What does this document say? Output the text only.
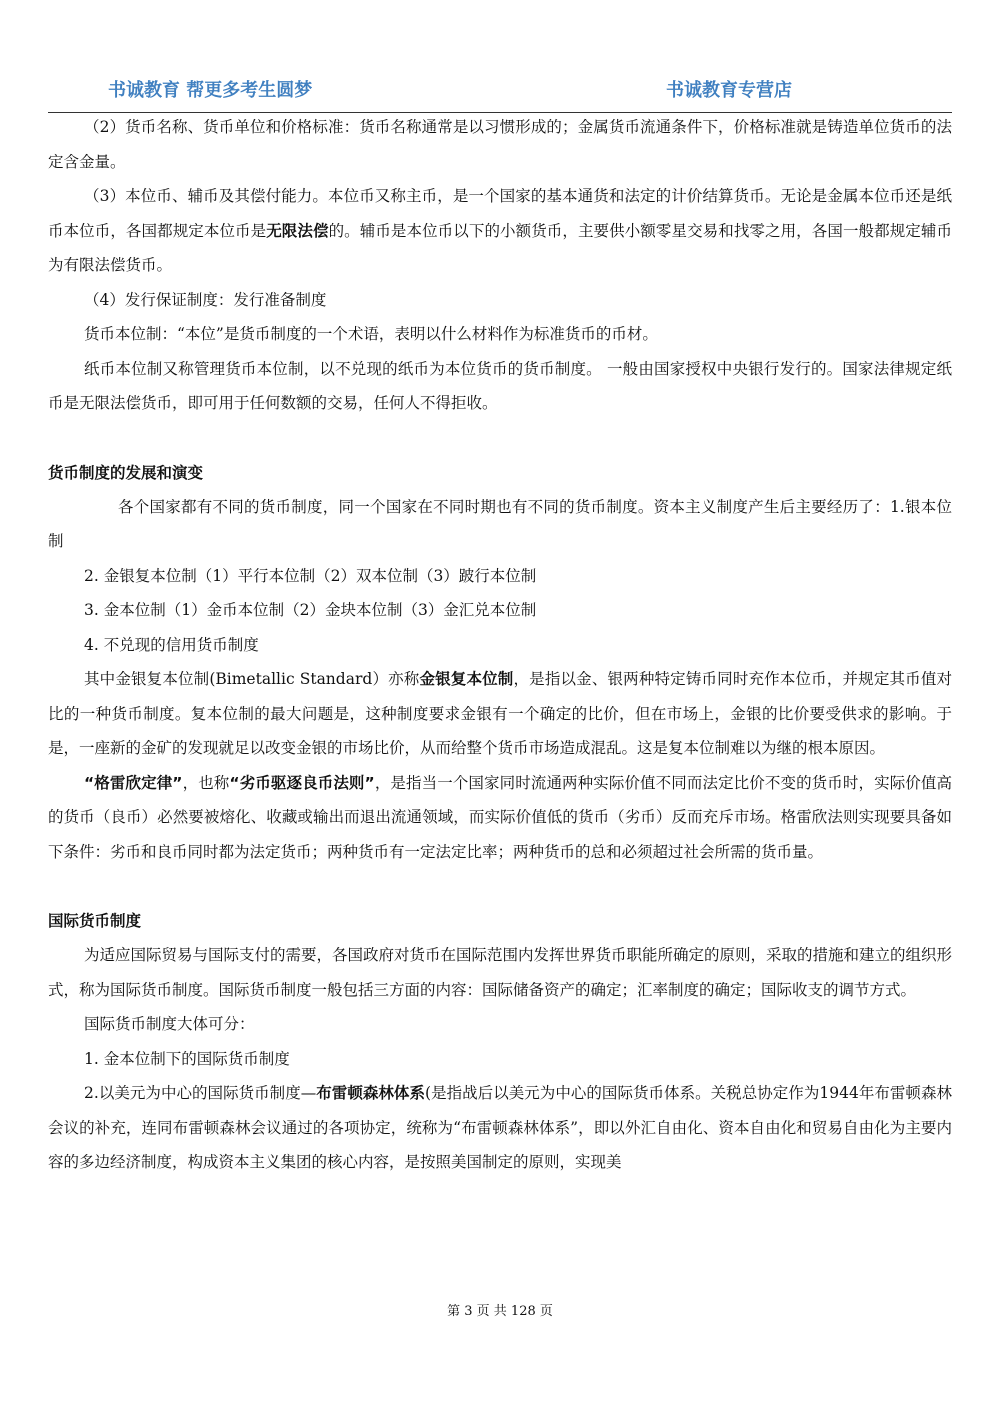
书诚教育 帮更多考生圆梦	书诚教育专营店

（2）货币名称、货币单位和价格标准：货币名称通常是以习惯形成的；金属货币流通条件下，价格标准就是铸造单位货币的法定含金量。

（3）本位币、辅币及其偿付能力。本位币又称主币，是一个国家的基本通货和法定的计价结算货币。无论是金属本位币还是纸币本位币，各国都规定本位币是无限法偿的。辅币是本位币以下的小额货币，主要供小额零星交易和找零之用，各国一般都规定辅币为有限法偿货币。

（4）发行保证制度：发行准备制度

货币本位制：“本位”是货币制度的一个术语，表明以什么材料作为标准货币的币材。

纸币本位制又称管理货币本位制，以不兑现的纸币为本位货币的货币制度。 一般由国家授权中央银行发行的。国家法律规定纸币是无限法偿货币，即可用于任何数额的交易，任何人不得拒收。

货币制度的发展和演变

各个国家都有不同的货币制度，同一个国家在不同时期也有不同的货币制度。资本主义制度产生后主要经历了：1.银本位制

2. 金银复本位制（1）平行本位制（2）双本位制（3）跛行本位制

3. 金本位制（1）金币本位制（2）金块本位制（3）金汇兑本位制

4. 不兑现的信用货币制度

其中金银复本位制(Bimetallic Standard）亦称金银复本位制，是指以金、银两种特定铸币同时充作本位币，并规定其币值对比的一种货币制度。复本位制的最大问题是，这种制度要求金银有一个确定的比价，但在市场上，金银的比价要受供求的影响。于是，一座新的金矿的发现就足以改变金银的市场比价，从而给整个货币市场造成混乱。这是复本位制难以为继的根本原因。

“格雷欣定律”，也称“劣币驱逐良币法则”，是指当一个国家同时流通两种实际价值不同而法定比价不变的货币时，实际价值高的货币（良币）必然要被熔化、收藏或输出而退出流通领域，而实际价值低的货币（劣币）反而充斥市场。格雷欣法则实现要具备如下条件：劣币和良币同时都为法定货币；两种货币有一定法定比率；两种货币的总和必须超过社会所需的货币量。

国际货币制度

为适应国际贸易与国际支付的需要，各国政府对货币在国际范围内发挥世界货币职能所确定的原则，采取的措施和建立的组织形式，称为国际货币制度。国际货币制度一般包括三方面的内容：国际储备资产的确定；汇率制度的确定；国际收支的调节方式。

国际货币制度大体可分：

1. 金本位制下的国际货币制度

2.以美元为中心的国际货币制度—布雷顿森林体系(是指战后以美元为中心的国际货币体系。关税总协定作为1944年布雷顿森林会议的补充，连同布雷顿森林会议通过的各项协定，统称为“布雷顿森林体系”，即以外汇自由化、资本自由化和贸易自由化为主要内容的多边经济制度，构成资本主义集团的核心内容，是按照美国制定的原则，实现美

第 3 页 共 128 页
